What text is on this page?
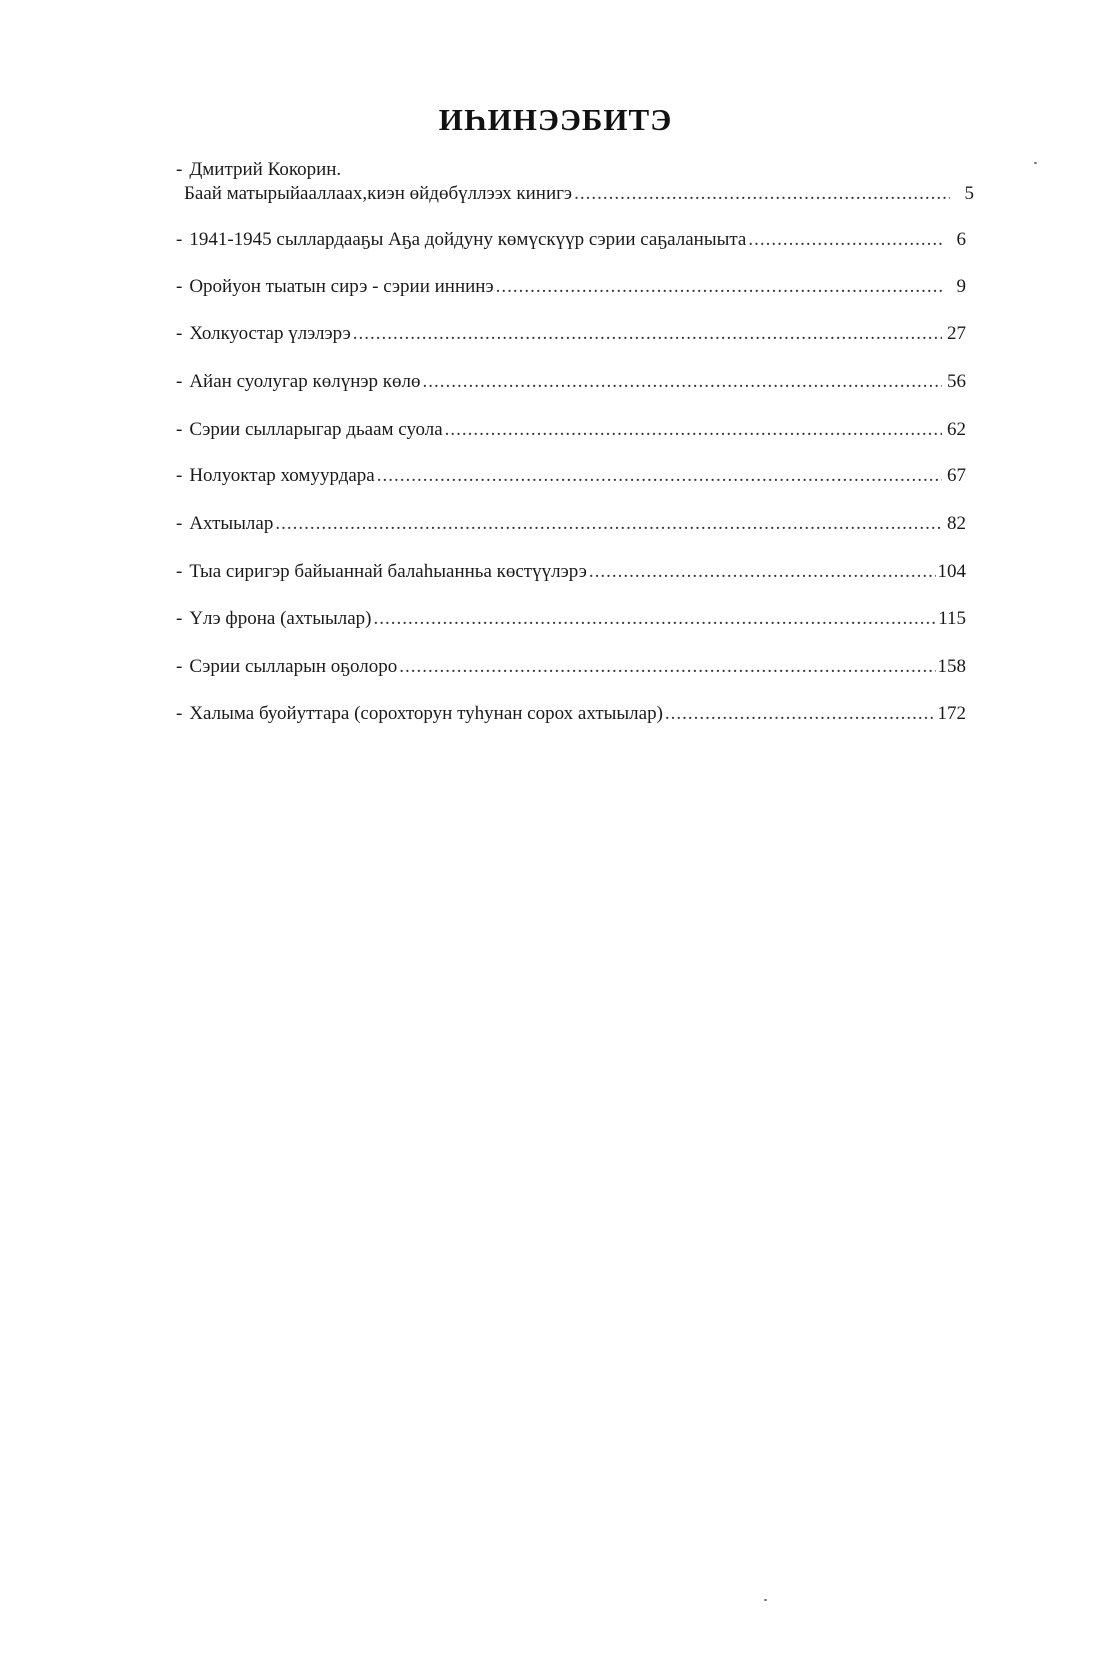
ИҺИНЭЭБИТЭ
- Дмитрий Кокорин.
Баай матырыйааллаах,киэн өйдөбүллээх кинигэ .....	5
- 1941-1945 сыллардааҕы Аҕа дойдуну көмүскүүр сэрии саҕаланыыта .....	6
- Оройуон тыатын сирэ - сэрии иннинэ .....	9
- Холкуостар үлэлэрэ .....	27
- Айан суолугар көлүнэр көлө .....	56
- Сэрии сылларыгар дьаам суола .....	62
- Нолуоктар хомуурдара .....	67
- Ахтыылар .....	82
- Тыа сиригэр байыаннай балаһыанньа көстүүлэрэ .....	104
- Үлэ фрона (ахтыылар) .....	115
- Сэрии сылларын оҕолоро .....	158
- Халыма буойуттара (сорохторун туһунан сорох ахтыылар) .....	172
